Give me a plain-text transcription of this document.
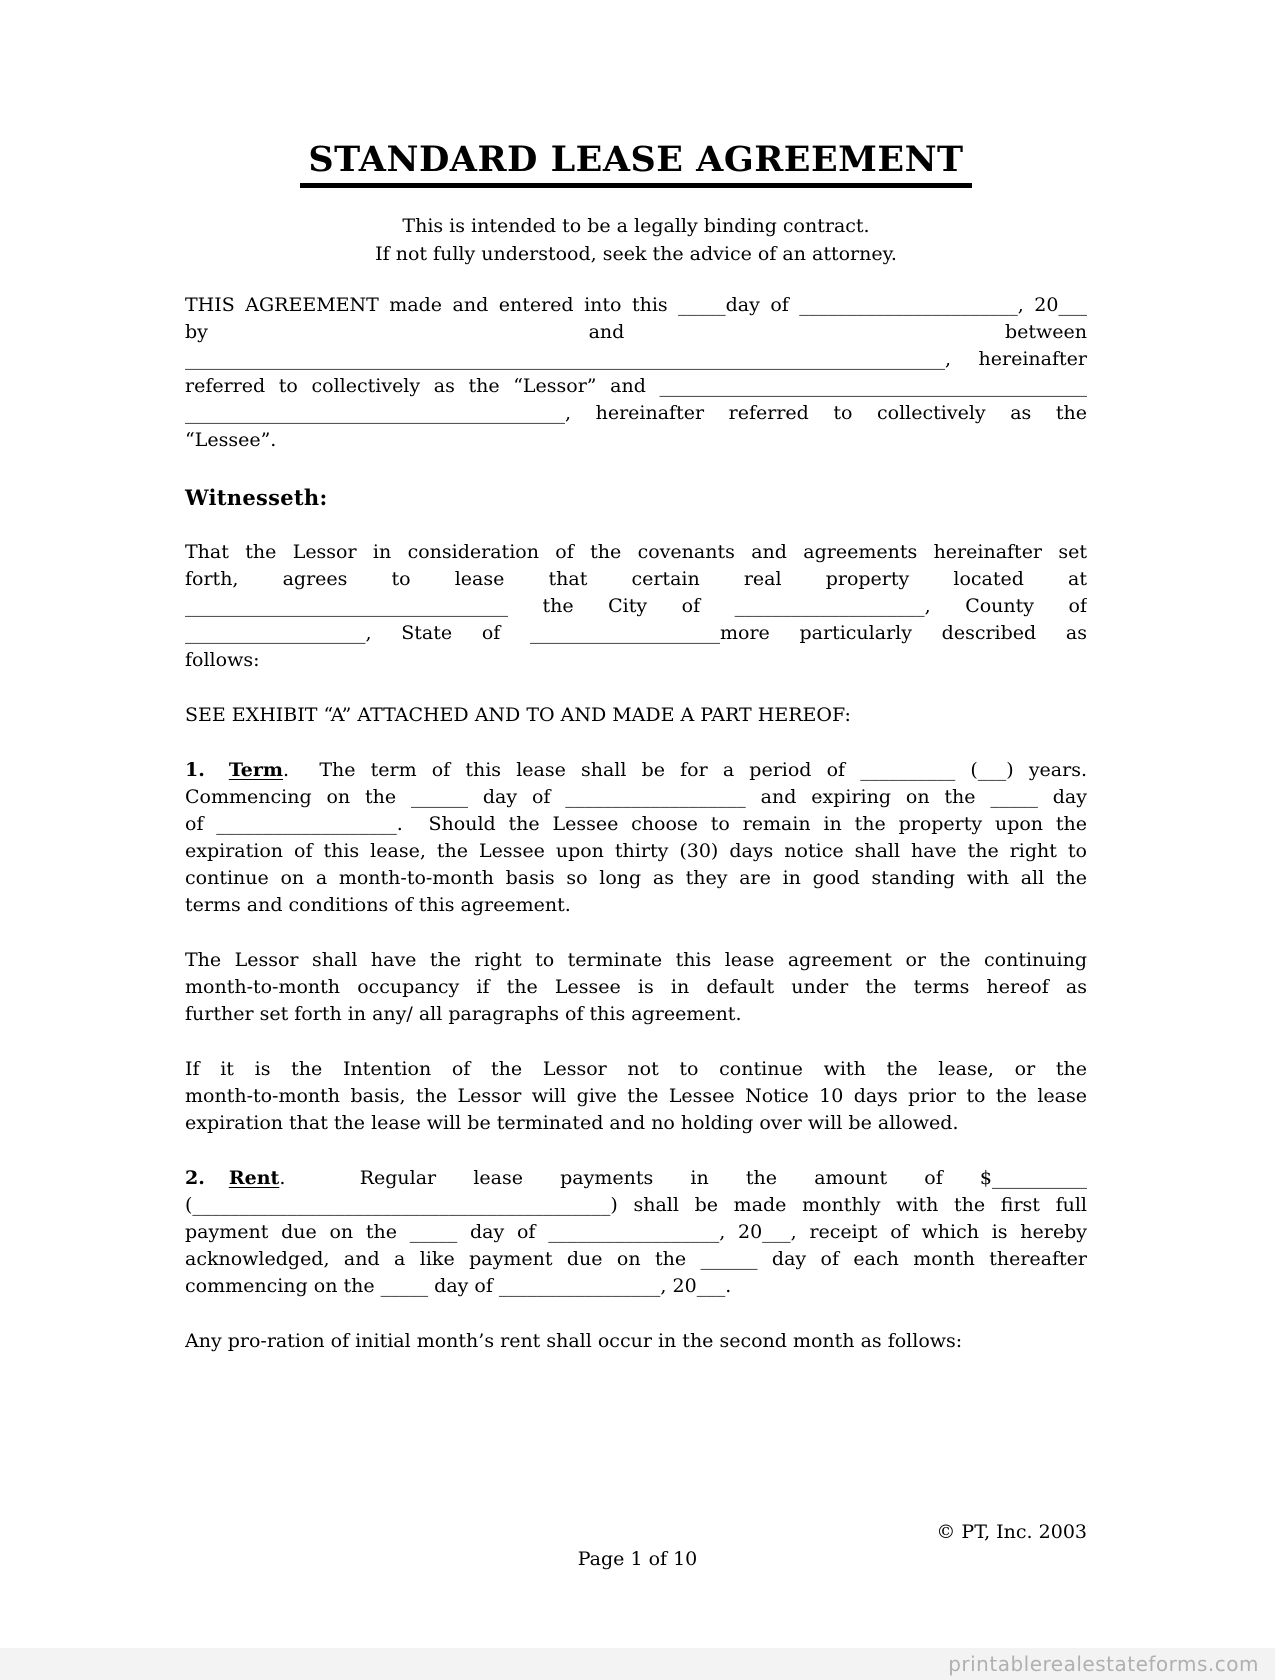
STANDARD LEASE AGREEMENT
This is intended to be a legally binding contract.
If not fully understood, seek the advice of an attorney.
THIS AGREEMENT made and entered into this _____day of _______________________, 20___
by and between
________________________________________________________________________________, hereinafter
referred to collectively as the “Lessor” and _____________________________________________
________________________________________, hereinafter referred to collectively as the
“Lessee”.
Witnesseth:
That the Lessor in consideration of the covenants and agreements hereinafter set
forth, agrees to lease that certain real property located at
__________________________________ the City of ____________________, County of
___________________, State of ____________________more particularly described as
follows:
SEE EXHIBIT “A” ATTACHED AND TO AND MADE A PART HEREOF:
1. Term.  The term of this lease shall be for a period of __________ (___) years.
Commencing on the ______ day of ___________________ and expiring on the _____ day
of ___________________.  Should the Lessee choose to remain in the property upon the
expiration of this lease, the Lessee upon thirty (30) days notice shall have the right to
continue on a month-to-month basis so long as they are in good standing with all the
terms and conditions of this agreement.
The Lessor shall have the right to terminate this lease agreement or the continuing
month-to-month occupancy if the Lessee is in default under the terms hereof as
further set forth in any/ all paragraphs of this agreement.
If it is the Intention of the Lessor not to continue with the lease, or the
month-to-month basis, the Lessor will give the Lessee Notice 10 days prior to the lease
expiration that the lease will be terminated and no holding over will be allowed.
2. Rent.  Regular lease payments in the amount of $__________
(____________________________________________) shall be made monthly with the first full
payment due on the _____ day of __________________, 20___, receipt of which is hereby
acknowledged, and a like payment due on the ______ day of each month thereafter
commencing on the _____ day of _________________, 20___.
Any pro-ration of initial month’s rent shall occur in the second month as follows:
© PT, Inc. 2003
Page 1 of 10
printablerealestateforms.com
